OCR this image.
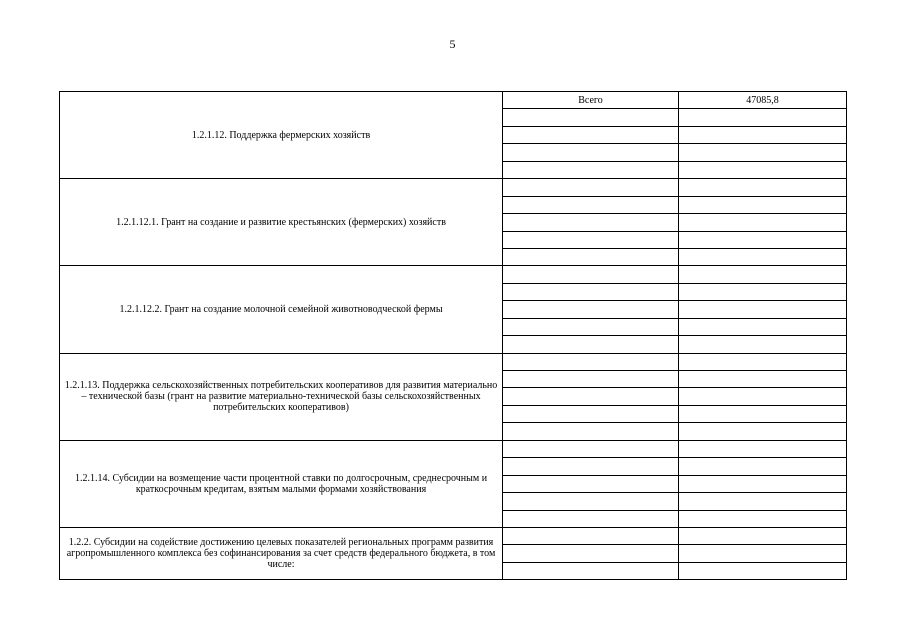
5
1.2.1.12. Поддержка фермерских хозяйств	Всего	47085,8

1.2.1.12.1. Грант на создание и развитие крестьянских (фермерских) хозяйств		

1.2.1.12.2. Грант на создание молочной семейной животноводческой фермы		

1.2.1.13. Поддержка сельскохозяйственных потребительских кооперативов для развития материально – технической базы (грант на развитие материально-технической базы сельскохозяйственных потребительских кооперативов)		

1.2.1.14. Субсидии на возмещение части процентной ставки по долгосрочным, среднесрочным и краткосрочным кредитам, взятым малыми формами хозяйствования		

1.2.2. Субсидии на содействие достижению целевых показателей региональных программ развития агропромышленного комплекса без софинансирования за счет средств федерального бюджета, в том числе:		
